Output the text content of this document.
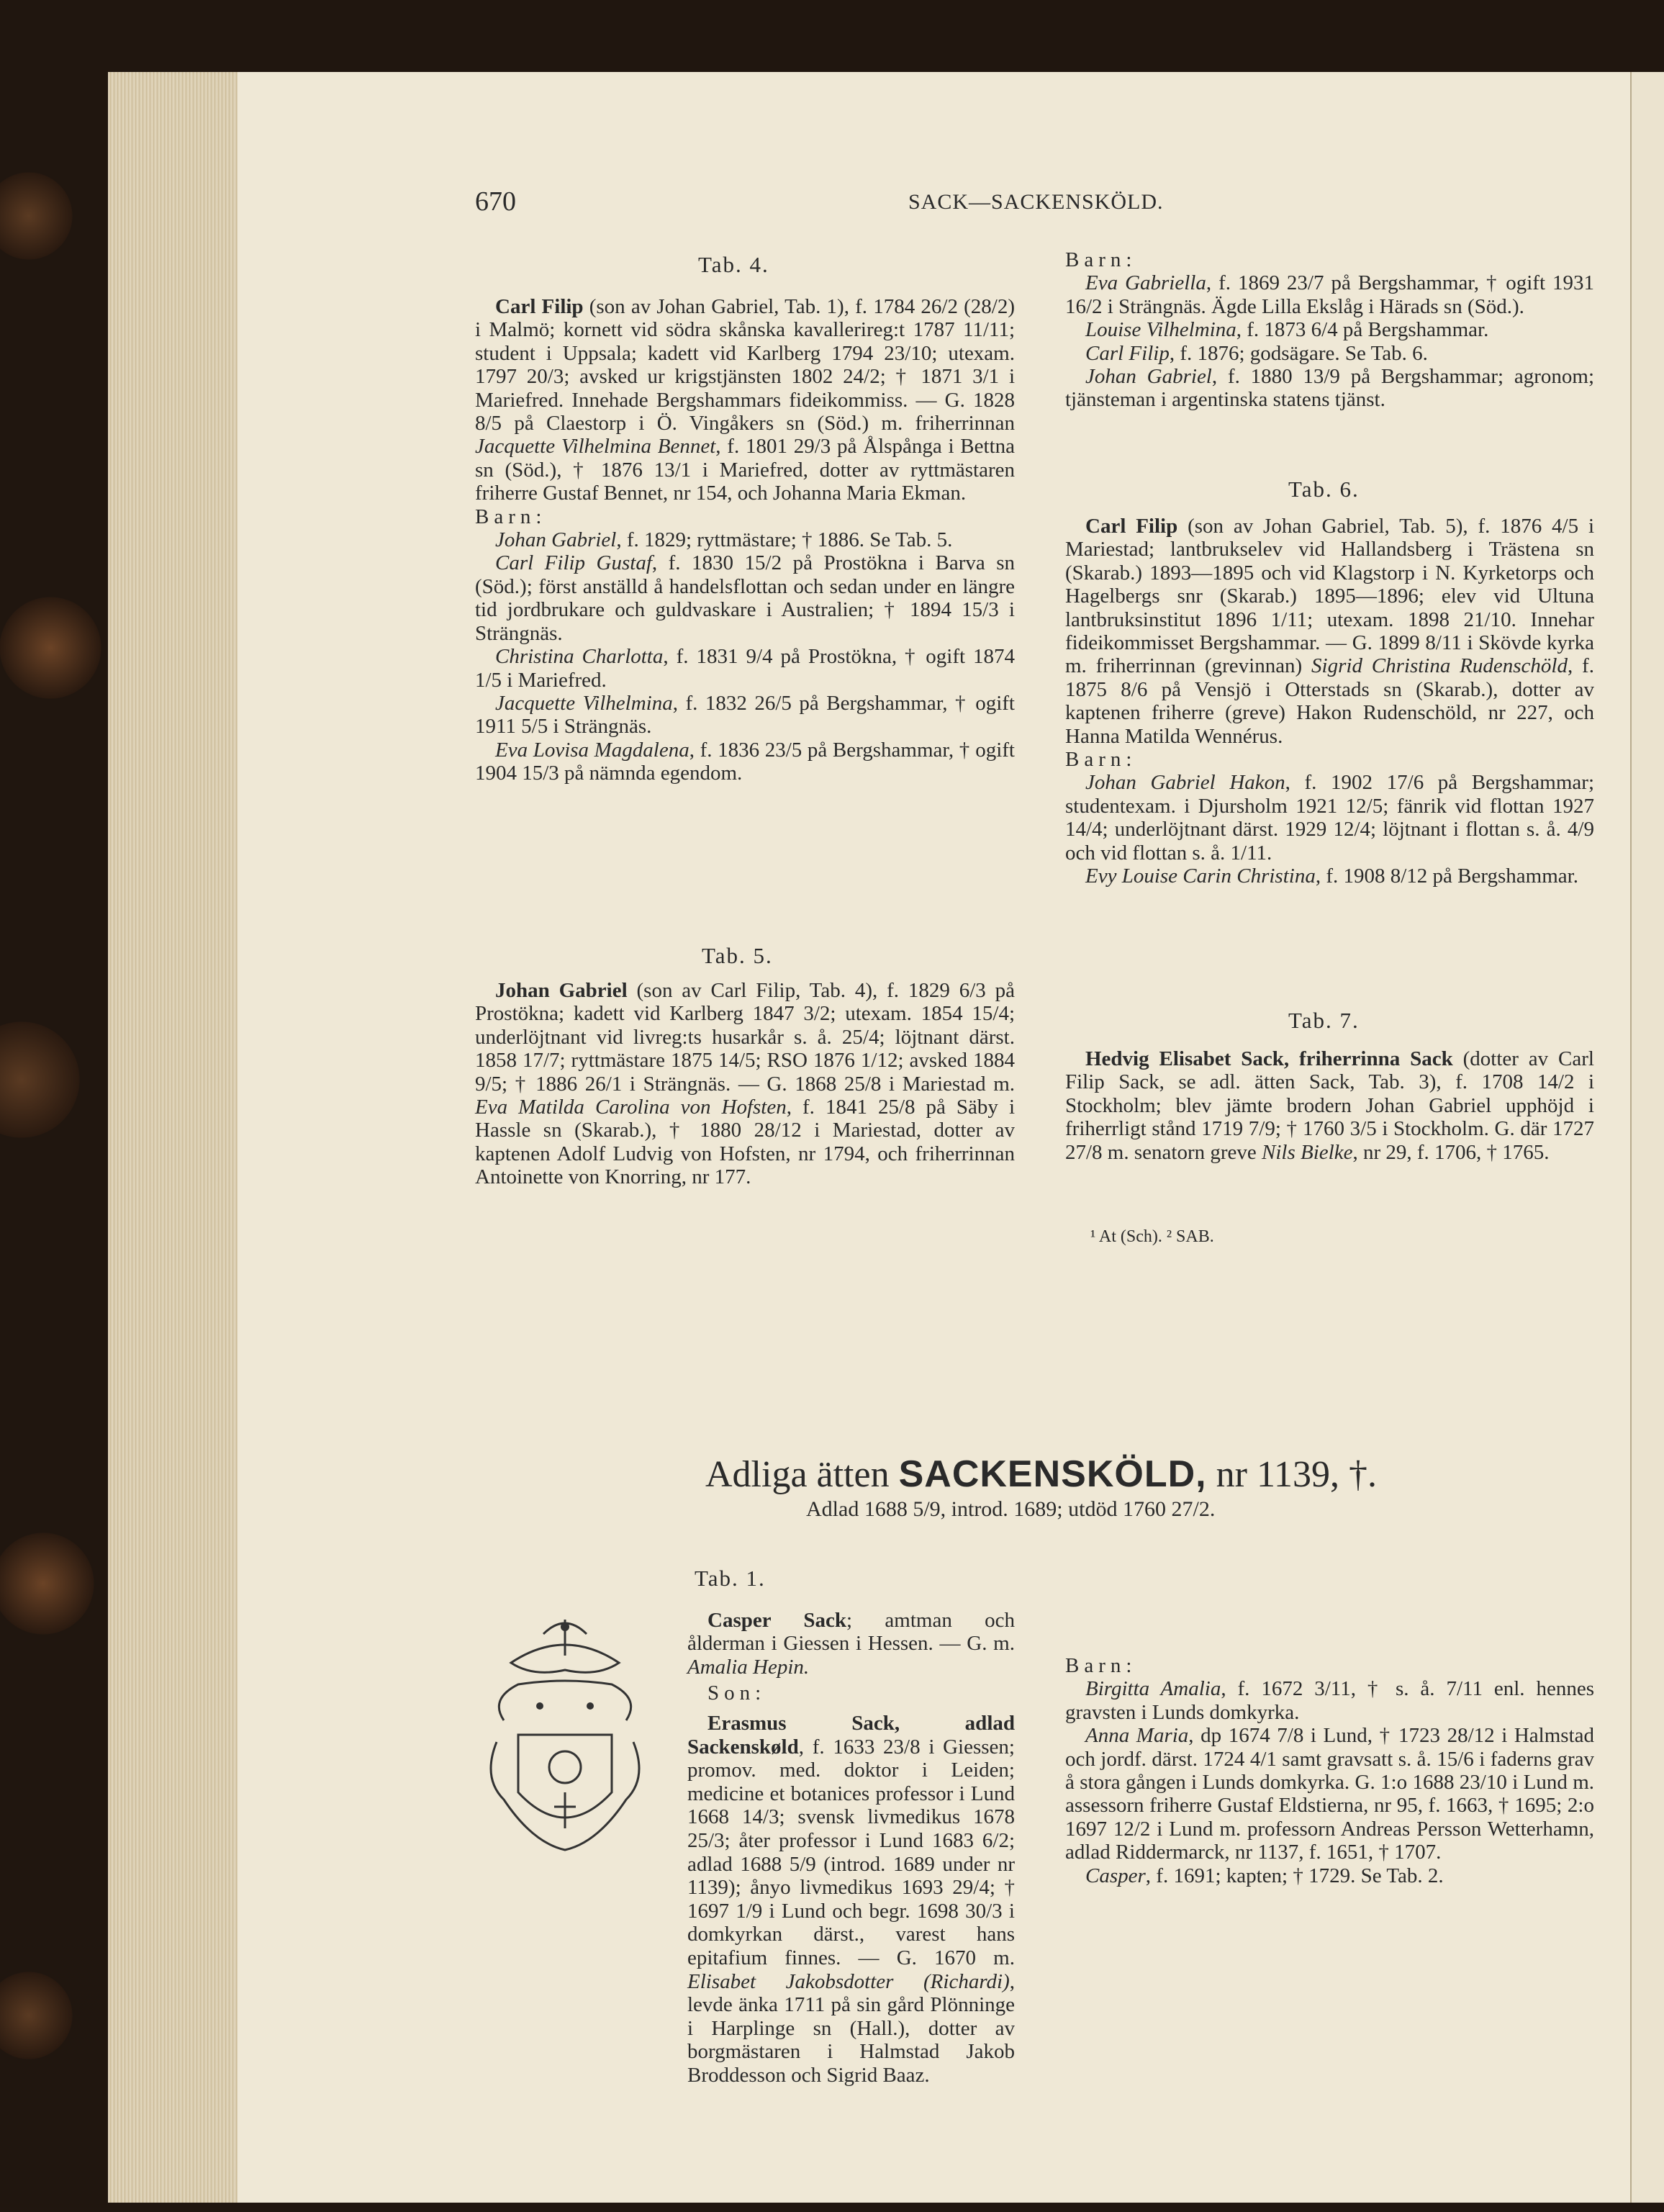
670	SACK—SACKENSKÖLD.
Tab. 4.

Carl Filip (son av Johan Gabriel, Tab. 1), f. 1784 26/2 (28/2) i Malmö; kornett vid södra skånska kavallerireg:t 1787 11/11; student i Uppsala; kadett vid Karlberg 1794 23/10; utexam. 1797 20/3; avsked ur krigstjänsten 1802 24/2; † 1871 3/1 i Mariefred. Innehade Bergshammars fideikommiss. — G. 1828 8/5 på Claestorp i Ö. Vingåkers sn (Söd.) m. friherrinnan Jacquette Vilhelmina Bennet, f. 1801 29/3 på Ålspånga i Bettna sn (Söd.), † 1876 13/1 i Mariefred, dotter av ryttmästaren friherre Gustaf Bennet, nr 154, och Johanna Maria Ekman.

Barn:

Johan Gabriel, f. 1829; ryttmästare; † 1886. Se Tab. 5.

Carl Filip Gustaf, f. 1830 15/2 på Prostökna i Barva sn (Söd.); först anställd å handelsflottan och sedan under en längre tid jordbrukare och guldvaskare i Australien; † 1894 15/3 i Strängnäs.

Christina Charlotta, f. 1831 9/4 på Prostökna, † ogift 1874 1/5 i Mariefred.

Jacquette Vilhelmina, f. 1832 26/5 på Bergshammar, † ogift 1911 5/5 i Strängnäs.

Eva Lovisa Magdalena, f. 1836 23/5 på Bergshammar, † ogift 1904 15/3 på nämnda egendom.

Tab. 5.

Johan Gabriel (son av Carl Filip, Tab. 4), f. 1829 6/3 på Prostökna; kadett vid Karlberg 1847 3/2; utexam. 1854 15/4; underlöjtnant vid livreg:ts husarkår s. å. 25/4; löjtnant därst. 1858 17/7; ryttmästare 1875 14/5; RSO 1876 1/12; avsked 1884 9/5; † 1886 26/1 i Strängnäs. — G. 1868 25/8 i Mariestad m. Eva Matilda Carolina von Hofsten, f. 1841 25/8 på Säby i Hassle sn (Skarab.), † 1880 28/12 i Mariestad, dotter av kaptenen Adolf Ludvig von Hofsten, nr 1794, och friherrinnan Antoinette von Knorring, nr 177.

Barn:

Eva Gabriella, f. 1869 23/7 på Bergshammar, † ogift 1931 16/2 i Strängnäs. Ägde Lilla Ekslåg i Härads sn (Söd.).

Louise Vilhelmina, f. 1873 6/4 på Bergshammar.

Carl Filip, f. 1876; godsägare. Se Tab. 6.

Johan Gabriel, f. 1880 13/9 på Bergshammar; agronom; tjänsteman i argentinska statens tjänst.

Tab. 6.

Carl Filip (son av Johan Gabriel, Tab. 5), f. 1876 4/5 i Mariestad; lantbrukselev vid Hallandsberg i Trästena sn (Skarab.) 1893—1895 och vid Klagstorp i N. Kyrketorps och Hagelbergs snr (Skarab.) 1895—1896; elev vid Ultuna lantbruksinstitut 1896 1/11; utexam. 1898 21/10. Innehar fideikommisset Bergshammar. — G. 1899 8/11 i Skövde kyrka m. friherrinnan (grevinnan) Sigrid Christina Rudenschöld, f. 1875 8/6 på Vensjö i Otterstads sn (Skarab.), dotter av kaptenen friherre (greve) Hakon Rudenschöld, nr 227, och Hanna Matilda Wennérus.

Barn:

Johan Gabriel Hakon, f. 1902 17/6 på Bergshammar; studentexam. i Djursholm 1921 12/5; fänrik vid flottan 1927 14/4; underlöjtnant därst. 1929 12/4; löjtnant i flottan s. å. 4/9 och vid flottan s. å. 1/11.

Evy Louise Carin Christina, f. 1908 8/12 på Bergshammar.

Tab. 7.

Hedvig Elisabet Sack, friherrinna Sack (dotter av Carl Filip Sack, se adl. ätten Sack, Tab. 3), f. 1708 14/2 i Stockholm; blev jämte brodern Johan Gabriel upphöjd i friherrligt stånd 1719 7/9; † 1760 3/5 i Stockholm. G. där 1727 27/8 m. senatorn greve Nils Bielke, nr 29, f. 1706, † 1765.

¹ At (Sch). ² SAB.
Adliga ätten SACKENSKÖLD, nr 1139, †.
Adlad 1688 5/9, introd. 1689; utdöd 1760 27/2.
Tab. 1.

Casper Sack; amtman och ålderman i Giessen i Hessen. — G. m. Amalia Hepin.

Son:

Erasmus Sack, adlad Sackenskøld, f. 1633 23/8 i Giessen; promov. med. doktor i Leiden; medicine et botanices professor i Lund 1668 14/3; svensk livmedikus 1678 25/3; åter professor i Lund 1683 6/2; adlad 1688 5/9 (introd. 1689 under nr 1139); ånyo livmedikus 1693 29/4; † 1697 1/9 i Lund och begr. 1698 30/3 i domkyrkan därst., varest hans epitafium finnes. — G. 1670 m. Elisabet Jakobsdotter (Richardi), levde änka 1711 på sin gård Plönninge i Harplinge sn (Hall.), dotter av borgmästaren i Halmstad Jakob Broddesson och Sigrid Baaz.

Barn:

Birgitta Amalia, f. 1672 3/11, † s. å. 7/11 enl. hennes gravsten i Lunds domkyrka.

Anna Maria, dp 1674 7/8 i Lund, † 1723 28/12 i Halmstad och jordf. därst. 1724 4/1 samt gravsatt s. å. 15/6 i faderns grav å stora gången i Lunds domkyrka. G. 1:o 1688 23/10 i Lund m. assessorn friherre Gustaf Eldstierna, nr 95, f. 1663, † 1695; 2:o 1697 12/2 i Lund m. professorn Andreas Persson Wetterhamn, adlad Riddermarck, nr 1137, f. 1651, † 1707.

Casper, f. 1691; kapten; † 1729. Se Tab. 2.
